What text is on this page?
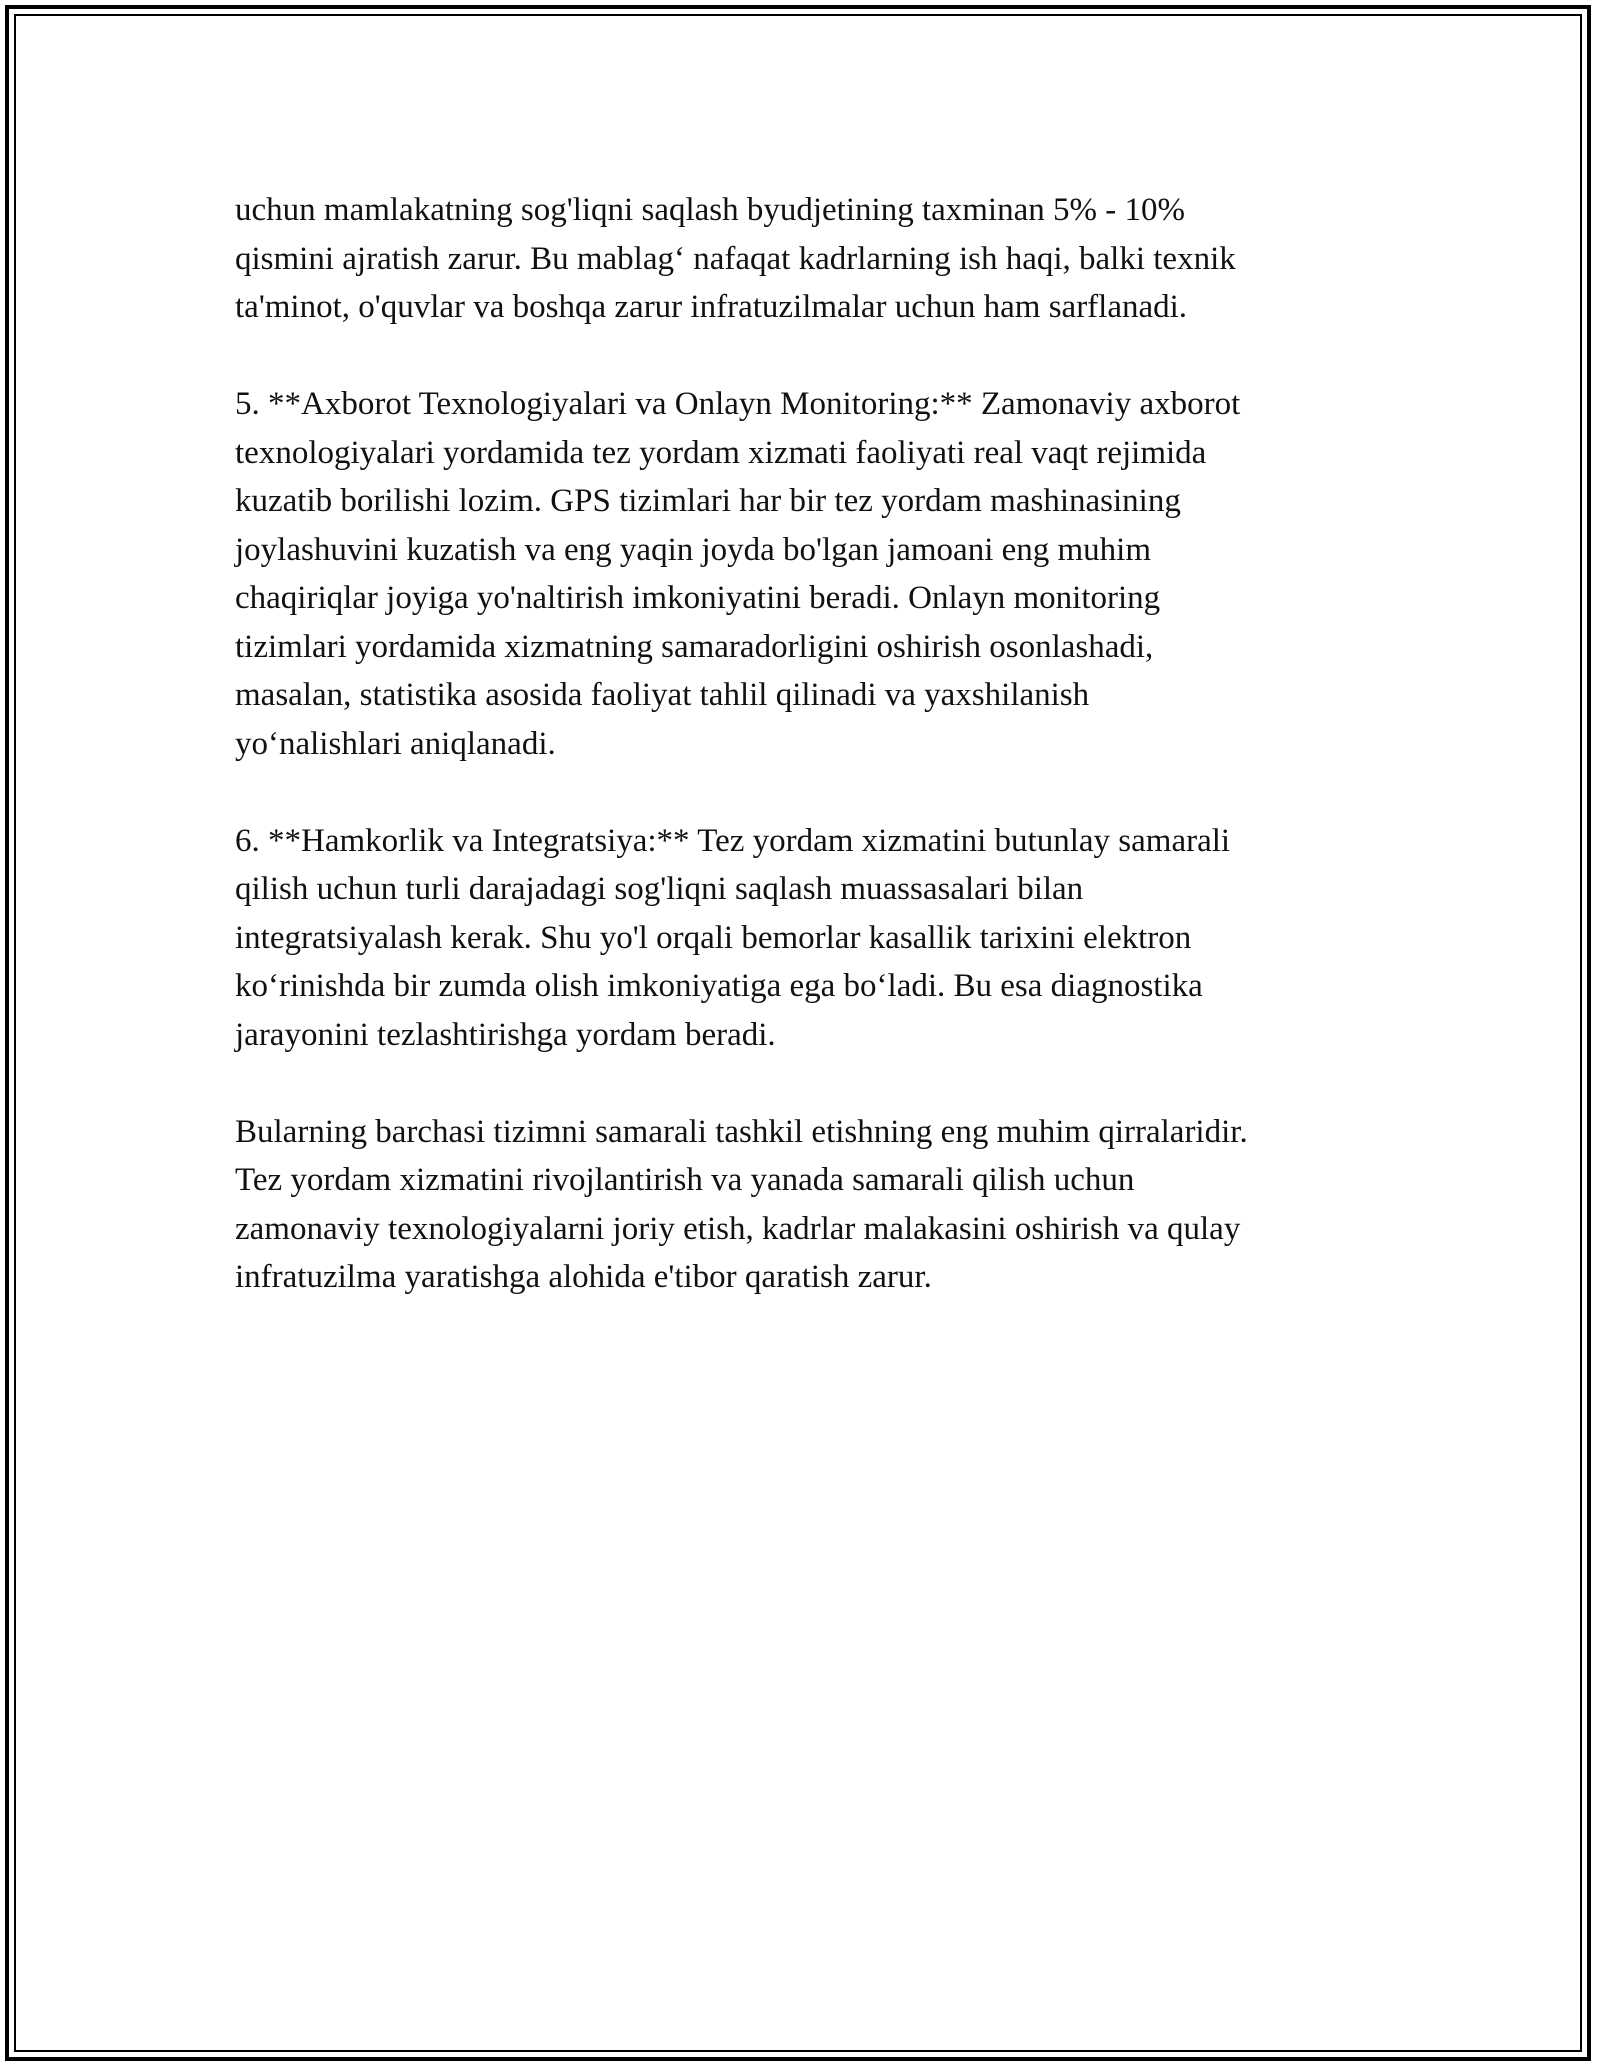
uchun mamlakatning sog'liqni saqlash byudjetining taxminan 5% - 10%
qismini ajratish zarur. Bu mablag‘ nafaqat kadrlarning ish haqi, balki texnik
ta'minot, o'quvlar va boshqa zarur infratuzilmalar uchun ham sarflanadi.

5. **Axborot Texnologiyalari va Onlayn Monitoring:** Zamonaviy axborot
texnologiyalari yordamida tez yordam xizmati faoliyati real vaqt rejimida
kuzatib borilishi lozim. GPS tizimlari har bir tez yordam mashinasining
joylashuvini kuzatish va eng yaqin joyda bo'lgan jamoani eng muhim
chaqiriqlar joyiga yo'naltirish imkoniyatini beradi. Onlayn monitoring
tizimlari yordamida xizmatning samaradorligini oshirish osonlashadi,
masalan, statistika asosida faoliyat tahlil qilinadi va yaxshilanish
yo‘nalishlari aniqlanadi.

6. **Hamkorlik va Integratsiya:** Tez yordam xizmatini butunlay samarali
qilish uchun turli darajadagi sog'liqni saqlash muassasalari bilan
integratsiyalash kerak. Shu yo'l orqali bemorlar kasallik tarixini elektron
ko‘rinishda bir zumda olish imkoniyatiga ega bo‘ladi. Bu esa diagnostika
jarayonini tezlashtirishga yordam beradi.

Bularning barchasi tizimni samarali tashkil etishning eng muhim qirralaridir.
Tez yordam xizmatini rivojlantirish va yanada samarali qilish uchun
zamonaviy texnologiyalarni joriy etish, kadrlar malakasini oshirish va qulay
infratuzilma yaratishga alohida e'tibor qaratish zarur.
